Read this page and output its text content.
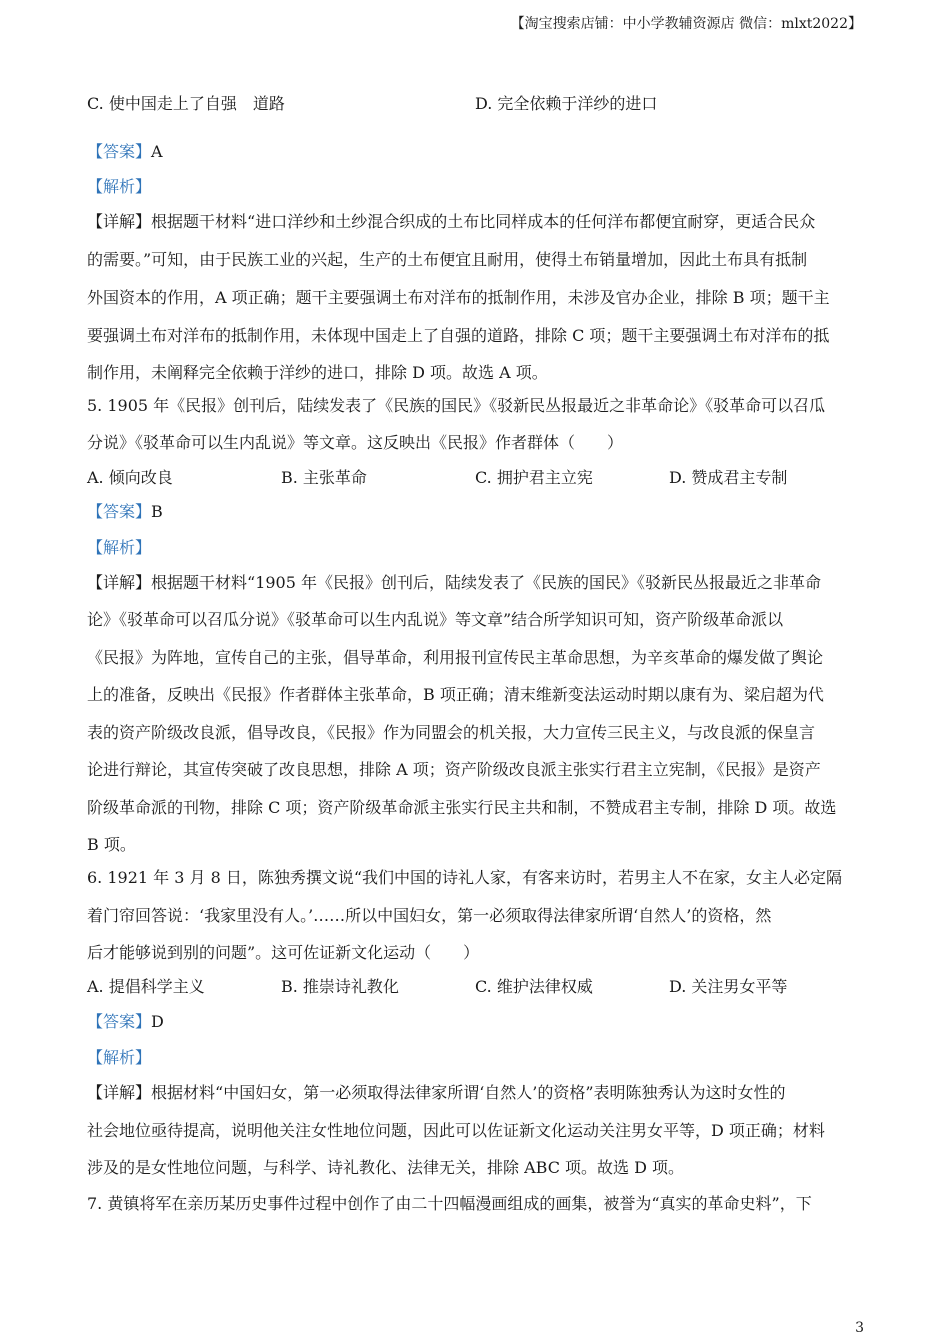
【淘宝搜索店铺：中小学教辅资源店 微信：mlxt2022】
C. 使中国走上了自强　道路	D. 完全依赖于洋纱的进口

【答案】A

【解析】

【详解】根据题干材料“进口洋纱和土纱混合织成的土布比同样成本的任何洋布都便宜耐穿，更适合民众

的需要。”可知，由于民族工业的兴起，生产的土布便宜且耐用，使得土布销量增加，因此土布具有抵制

外国资本的作用，A 项正确；题干主要强调土布对洋布的抵制作用，未涉及官办企业，排除 B 项；题干主

要强调土布对洋布的抵制作用，未体现中国走上了自强的道路，排除 C 项；题干主要强调土布对洋布的抵

制作用，未阐释完全依赖于洋纱的进口，排除 D 项。故选 A 项。

5. 1905 年《民报》创刊后，陆续发表了《民族的国民》《驳新民丛报最近之非革命论》《驳革命可以召瓜

分说》《驳革命可以生内乱说》等文章。这反映出《民报》作者群体（　　）

A. 倾向改良	B. 主张革命	C. 拥护君主立宪	D. 赞成君主专制

【答案】B

【解析】

【详解】根据题干材料“1905 年《民报》创刊后，陆续发表了《民族的国民》《驳新民丛报最近之非革命

论》《驳革命可以召瓜分说》《驳革命可以生内乱说》等文章”结合所学知识可知，资产阶级革命派以

《民报》为阵地，宣传自己的主张，倡导革命，利用报刊宣传民主革命思想，为辛亥革命的爆发做了舆论

上的准备，反映出《民报》作者群体主张革命，B 项正确；清末维新变法运动时期以康有为、梁启超为代

表的资产阶级改良派，倡导改良，《民报》作为同盟会的机关报，大力宣传三民主义，与改良派的保皇言

论进行辩论，其宣传突破了改良思想，排除 A 项；资产阶级改良派主张实行君主立宪制，《民报》是资产

阶级革命派的刊物，排除 C 项；资产阶级革命派主张实行民主共和制，不赞成君主专制，排除 D 项。故选

B 项。

6. 1921 年 3 月 8 日，陈独秀撰文说“我们中国的诗礼人家，有客来访时，若男主人不在家，女主人必定隔

着门帘回答说：‘我家里没有人。’……所以中国妇女，第一必须取得法律家所谓‘自然人’的资格，然

后才能够说到别的问题”。这可佐证新文化运动（　　）

A. 提倡科学主义	B. 推崇诗礼教化	C. 维护法律权威	D. 关注男女平等

【答案】D

【解析】

【详解】根据材料“中国妇女，第一必须取得法律家所谓‘自然人’的资格”表明陈独秀认为这时女性的

社会地位亟待提高，说明他关注女性地位问题，因此可以佐证新文化运动关注男女平等，D 项正确；材料

涉及的是女性地位问题，与科学、诗礼教化、法律无关，排除 ABC 项。故选 D 项。

7. 黄镇将军在亲历某历史事件过程中创作了由二十四幅漫画组成的画集，被誉为“真实的革命史料”，下

3
